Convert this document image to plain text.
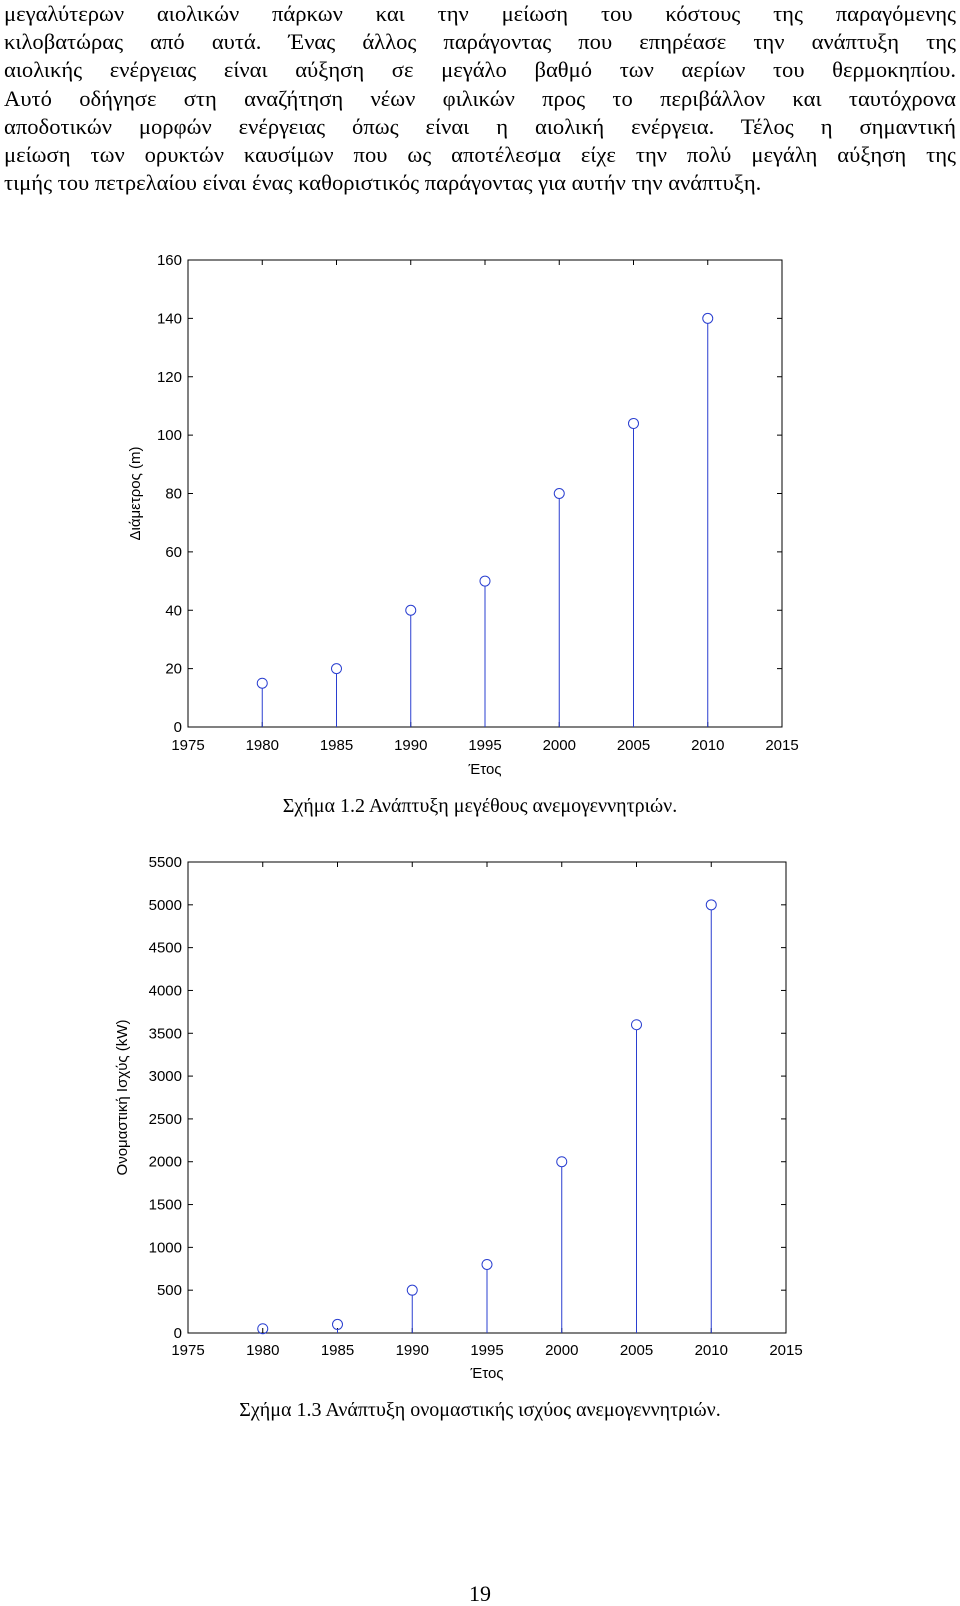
μεγαλύτερων αιολικών πάρκων και την μείωση του κόστους της παραγόμενης
κιλοβατώρας από αυτά. Ένας άλλος παράγοντας που επηρέασε την ανάπτυξη της
αιολικής ενέργειας είναι αύξηση σε μεγάλο βαθμό των αερίων του θερμοκηπίου.
Αυτό οδήγησε στη αναζήτηση νέων φιλικών προς το περιβάλλον και ταυτόχρονα
αποδοτικών μορφών ενέργειας όπως είναι η αιολική ενέργεια. Τέλος η σημαντική
μείωση των ορυκτών καυσίμων που ως αποτέλεσμα είχε την πολύ μεγάλη αύξηση της
τιμής του πετρελαίου είναι ένας καθοριστικός παράγοντας για αυτήν την ανάπτυξη.
1975	1980	1985	1990	1995	2000	2005	2010	2015
0
20
40
60
80
100
120
140
160
Έτος
Διάμετρος (m)
Σχήμα 1.2 Ανάπτυξη μεγέθους ανεμογεννητριών.
1975	1980	1985	1990	1995	2000	2005	2010	2015
0
500
1000
1500
2000
2500
3000
3500
4000
4500
5000
5500
Έτος
Ονομαστική Ισχύς (kW)
Σχήμα 1.3 Ανάπτυξη ονομαστικής ισχύος ανεμογεννητριών.
19
